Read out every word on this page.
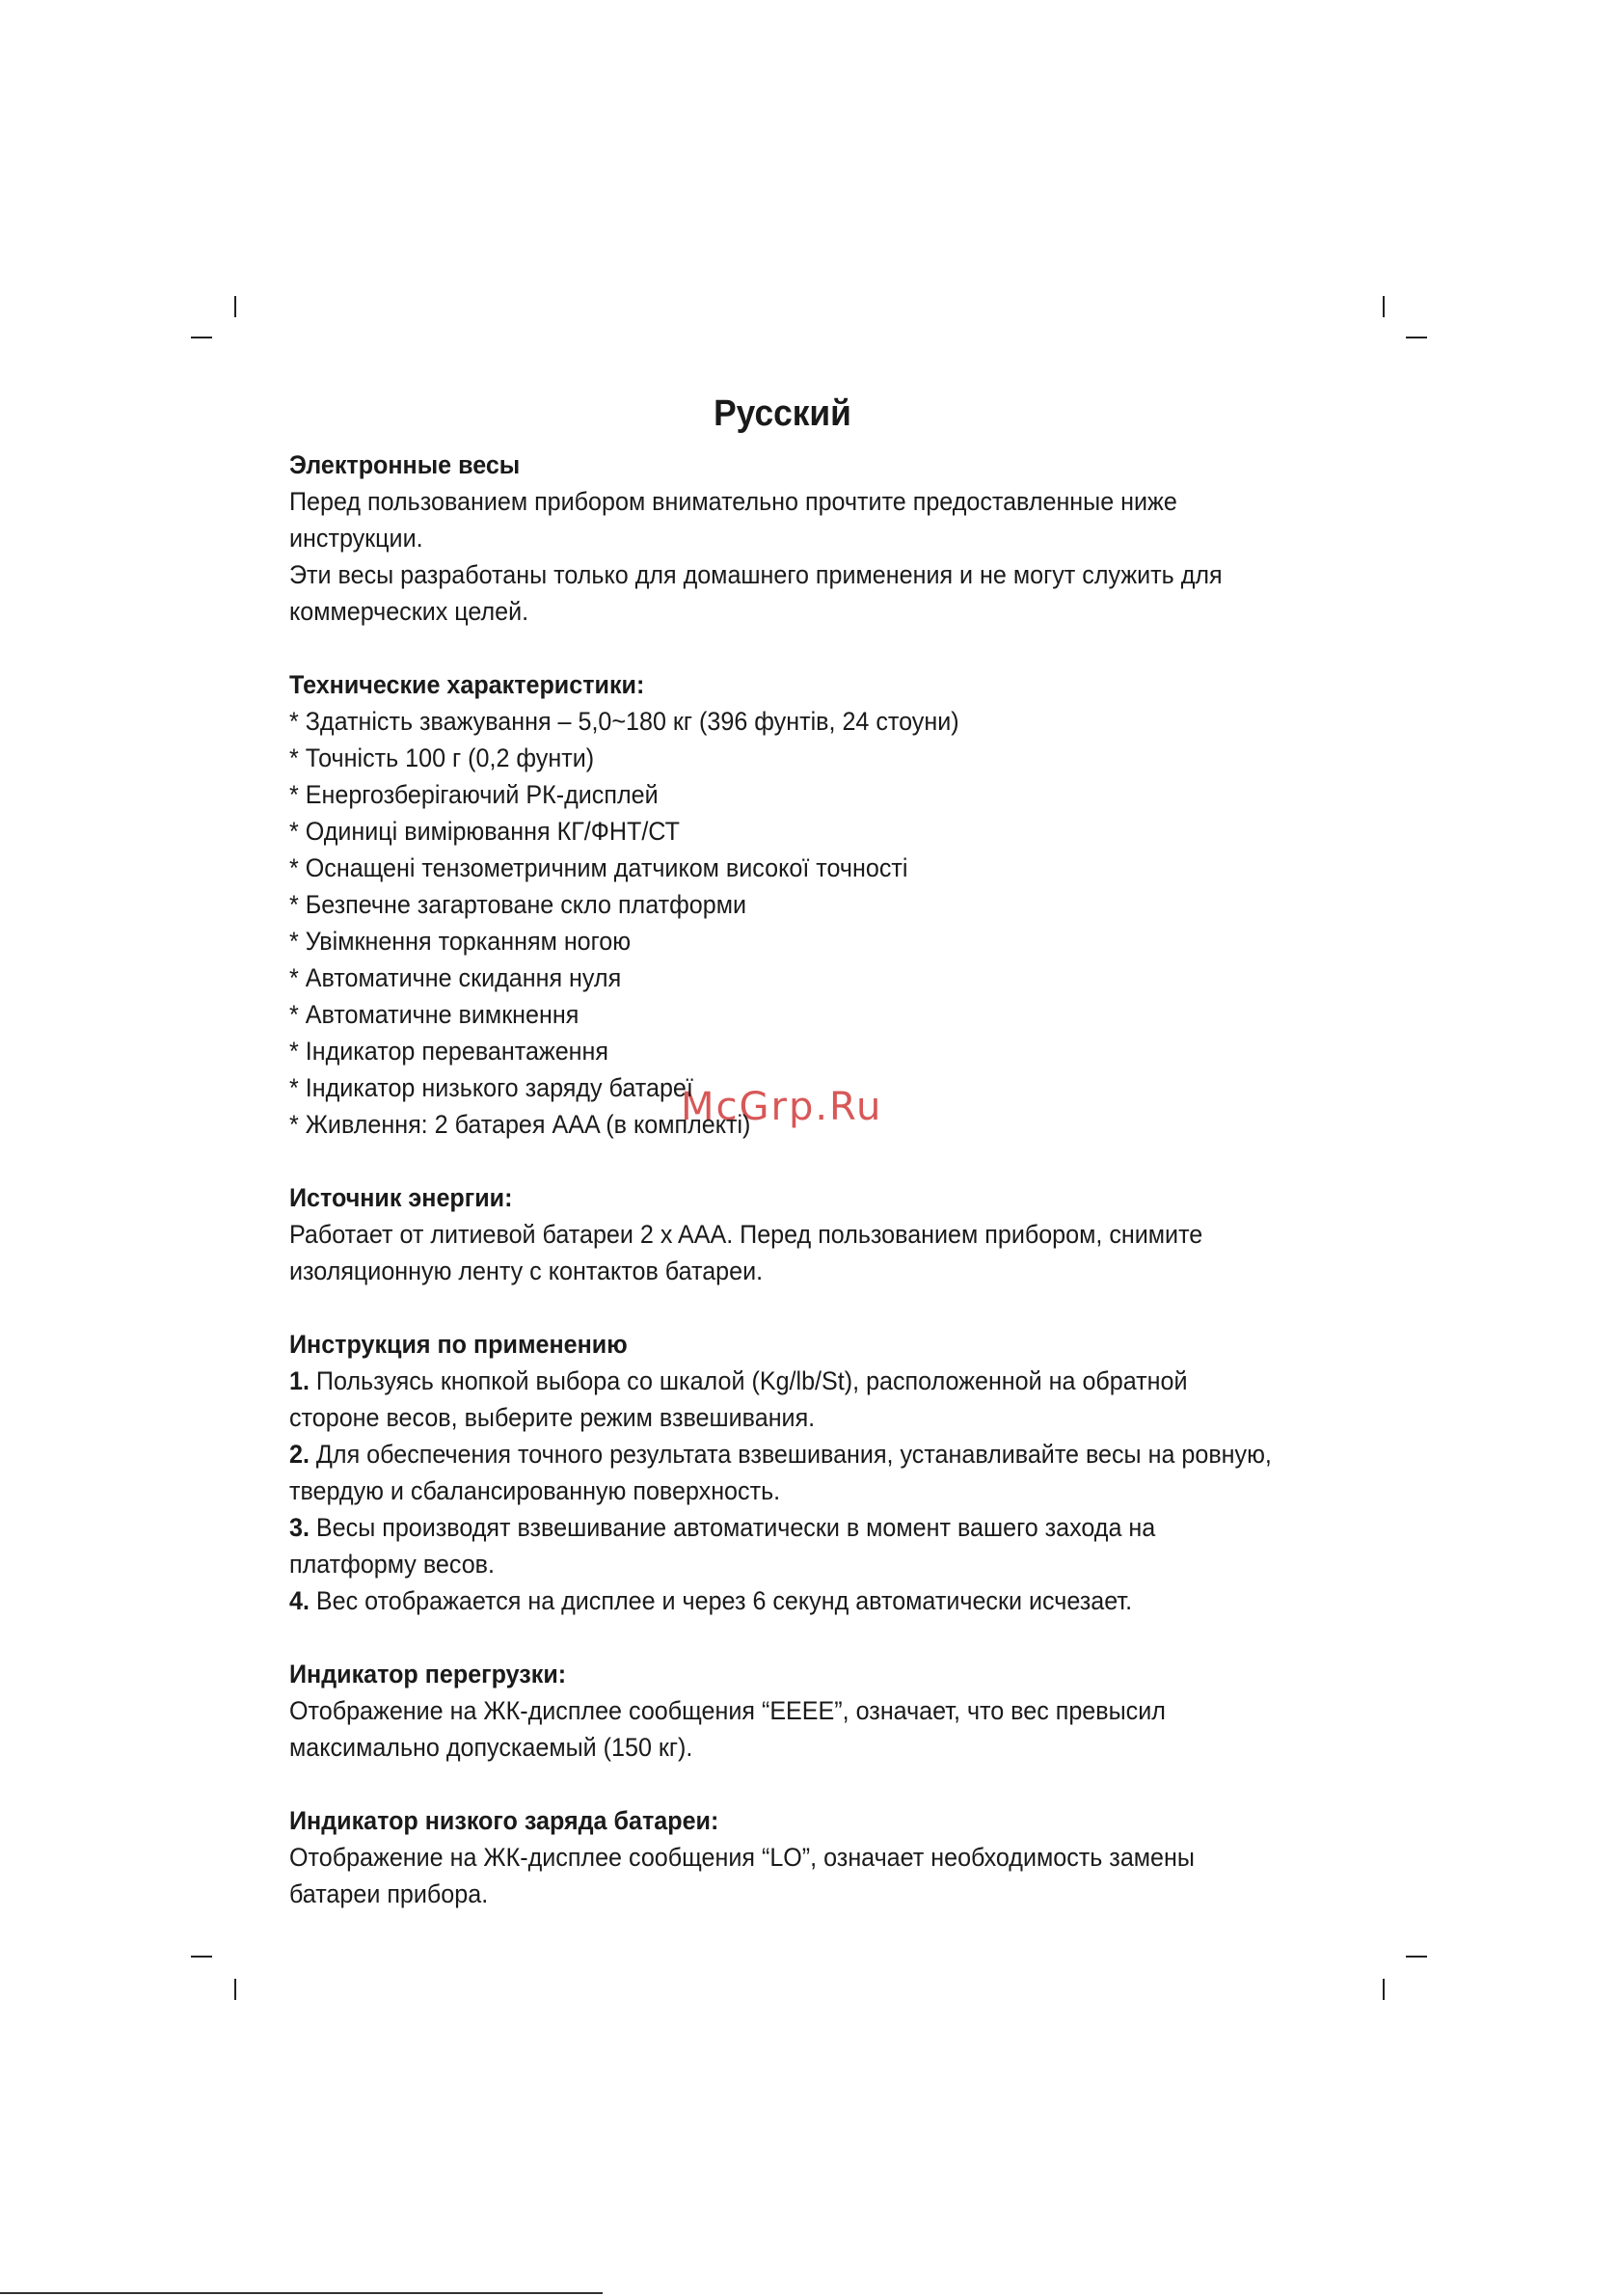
McGrp.Ru
Русский
Электронные весы

Перед пользованием прибором внимательно прочтите предоставленные ниже инструкции.

Эти весы разработаны только для домашнего применения и не могут служить для коммерческих целей.

Технические характеристики:
* Здатність зважування – 5,0~180 кг (396 фунтів, 24 стоуни)
* Точність 100 г (0,2 фунти)
* Енергозберігаючий РК-дисплей
* Одиниці вимірювання КГ/ФНТ/СТ
* Оснащені тензометричним датчиком високої точності
* Безпечне загартоване скло платформи
* Увімкнення торканням ногою
* Автоматичне скидання нуля
* Автоматичне вимкнення
* Індикатор перевантаження
* Індикатор низького заряду батареї
* Живлення: 2 батарея AAA (в комплекті)
Источник энергии:

Работает от литиевой батареи 2 x AAA. Перед пользованием прибором, снимите изоляционную ленту с контактов батареи.

Инструкция по применению

1. Пользуясь кнопкой выбора со шкалой (Kg/lb/St), расположенной на обратной стороне весов, выберите режим взвешивания.

2. Для обеспечения точного результата взвешивания, устанавливайте весы на ровную, твердую и сбалансированную поверхность.

3. Весы производят взвешивание автоматически в момент вашего захода на платформу весов.

4. Вес отображается на дисплее и через 6 секунд автоматически исчезает.

Индикатор перегрузки:

Отображение на ЖК-дисплее сообщения “EEEE”, означает, что вес превысил максимально допускаемый (150 кг).

Индикатор низкого заряда батареи:

Отображение на ЖК-дисплее сообщения “LO”, означает необходимость замены батареи прибора.
